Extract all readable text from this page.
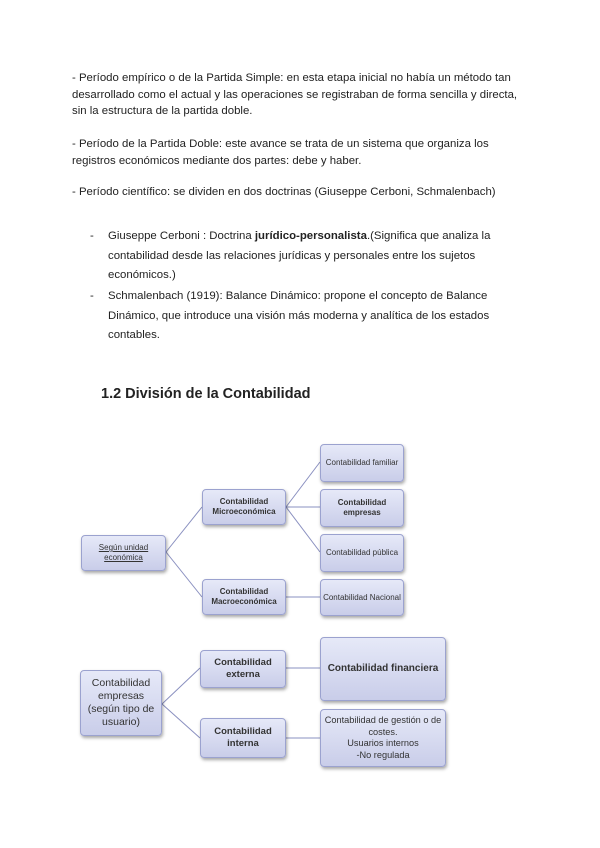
- Período empírico o de la Partida Simple: en esta etapa inicial no había un método tan desarrollado como el actual y las operaciones se registraban de forma sencilla y directa, sin la estructura de la partida doble.

- Período de la Partida Doble: este avance se trata de un sistema que organiza los registros económicos mediante dos partes: debe y haber.

- Período científico: se dividen en dos doctrinas (Giuseppe Cerboni, Schmalenbach)

- Giuseppe Cerboni : Doctrina jurídico-personalista.(Significa que analiza la contabilidad desde las relaciones jurídicas y personales entre los sujetos económicos.)
- Schmalenbach (1919): Balance Dinámico: propone el concepto de Balance Dinámico, que introduce una visión más moderna y analítica de los estados contables.
1.2 División de la Contabilidad
Según unidad económica
Contabilidad Microeconómica
Contabilidad Macroeconómica
Contabilidad familiar
Contabilidad empresas
Contabilidad pública
Contabilidad Nacional
Contabilidad empresas (según tipo de usuario)
Contabilidad externa
Contabilidad interna
Contabilidad financiera
Contabilidad de gestión o de costes.
Usuarios internos
-No regulada
